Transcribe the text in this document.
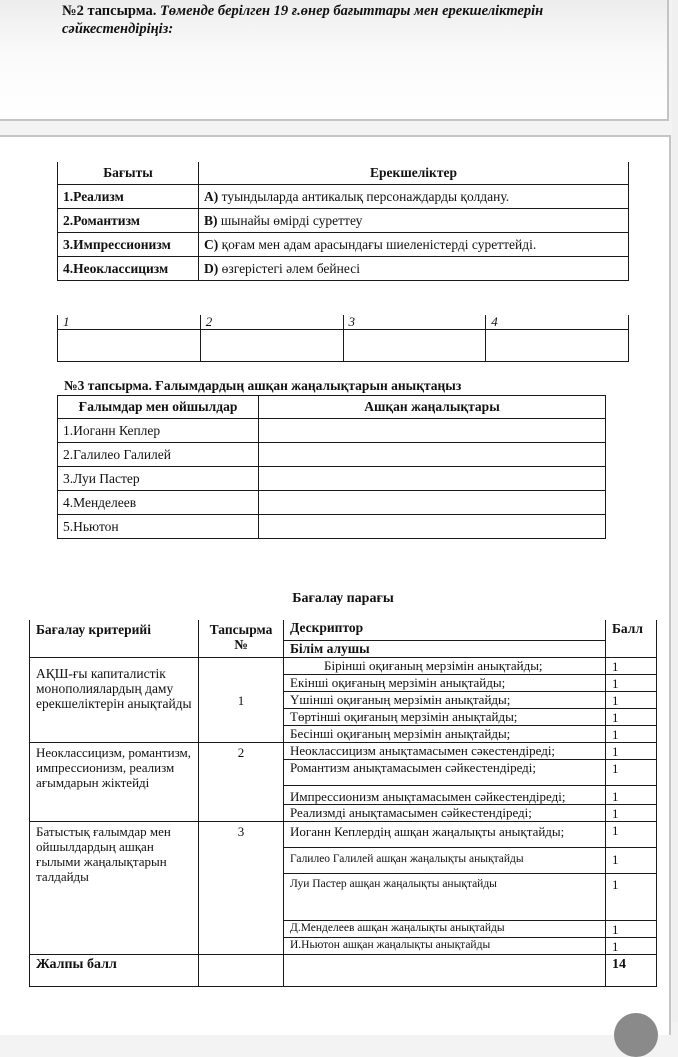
№2 тапсырма. Төменде берілген 19 ғ.өнер бағыттары мен ерекшеліктерін сәйкестендіріңіз:
Бағыты	Ерекшеліктер
1.Реализм	A) туындыларда антикалық персонаждарды қолдану.
2.Романтизм	B) шынайы өмірді суреттеу
3.Импрессионизм	C) қоғам мен адам арасындағы шиеленістерді суреттейді.
4.Неоклассицизм	D) өзгерістегі әлем бейнесі
1	2	3	4

№3 тапсырма. Ғалымдардың ашқан жаңалықтарын анықтаңыз
Ғалымдар мен ойшылдар	Ашқан жаңалықтары
1.Иоганн Кеплер	
2.Галилео Галилей	
3.Луи Пастер	
4.Менделеев	
5.Ньютон	
Бағалау парағы
Бағалау критерийі	Тапсырма №	Дескриптор	Балл
		Білім алушы	
АҚШ-ғы капиталистік монополиялардың даму ерекшеліктерін анықтайды	1	Бірінші оқиғаның мерзімін анықтайды;	1
		Екінші оқиғаның мерзімін анықтайды;	1
		Үшінші оқиғаның мерзімін анықтайды;	1
		Төртінші оқиғаның мерзімін анықтайды;	1
		Бесінші оқиғаның мерзімін анықтайды;	1
Неоклассицизм, романтизм, импрессионизм, реализм ағымдарын жіктейді	2	Неоклассицизм анықтамасымен сәкестендіреді;	1
		Романтизм анықтамасымен сәйкестендіреді;	1
		Импрессионизм анықтамасымен сәйкестендіреді;	1
		Реализмді анықтамасымен сәйкестендіреді;	1
Батыстық ғалымдар мен ойшылдардың ашқан ғылыми жаңалықтарын талдайды	3	Иоганн Кеплердің ашқан жаңалықты анықтайды;	1
		Галилео Галилей ашқан жаңалықты анықтайды	1
		Луи Пастер ашқан жаңалықты анықтайды	1
		Д.Менделеев ашқан жаңалықты анықтайды	1
		И.Ньютон ашқан жаңалықты анықтайды	1
Жалпы балл			14
